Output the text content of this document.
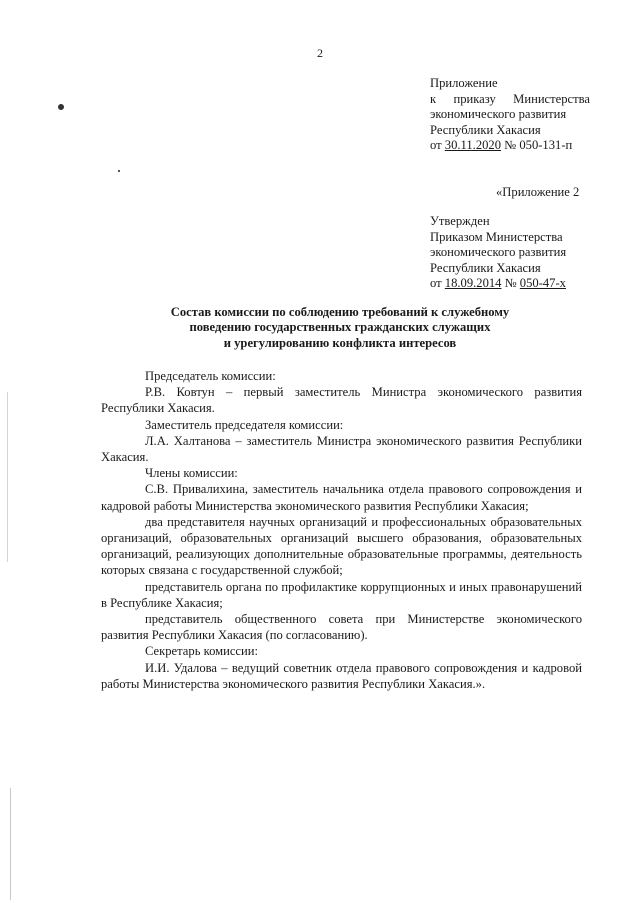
2
Приложение
к приказу Министерства
экономического развития
Республики Хакасия
от 30.11.2020 № 050-131-п
«Приложение 2
Утвержден
Приказом Министерства
экономического развития
Республики Хакасия
от 18.09.2014 № 050-47-х
Состав комиссии по соблюдению требований к служебному
поведению государственных гражданских служащих
и урегулированию конфликта интересов

Председатель комиссии:

Р.В. Ковтун – первый заместитель Министра экономического развития Республики Хакасия.

Заместитель председателя комиссии:

Л.А. Халтанова – заместитель Министра экономического развития Республики Хакасия.

Члены комиссии:

С.В. Привалихина, заместитель начальника отдела правового сопровождения и кадровой работы Министерства экономического развития Республики Хакасия;

два представителя научных организаций и профессиональных образовательных организаций, образовательных организаций высшего образования, образовательных организаций, реализующих дополнительные образовательные программы, деятельность которых связана с государственной службой;

представитель органа по профилактике коррупционных и иных правонарушений в Республике Хакасия;

представитель общественного совета при Министерстве экономического развития Республики Хакасия (по согласованию).

Секретарь комиссии:

И.И. Удалова – ведущий советник отдела правового сопровождения и кадровой работы Министерства экономического развития Республики Хакасия.».
